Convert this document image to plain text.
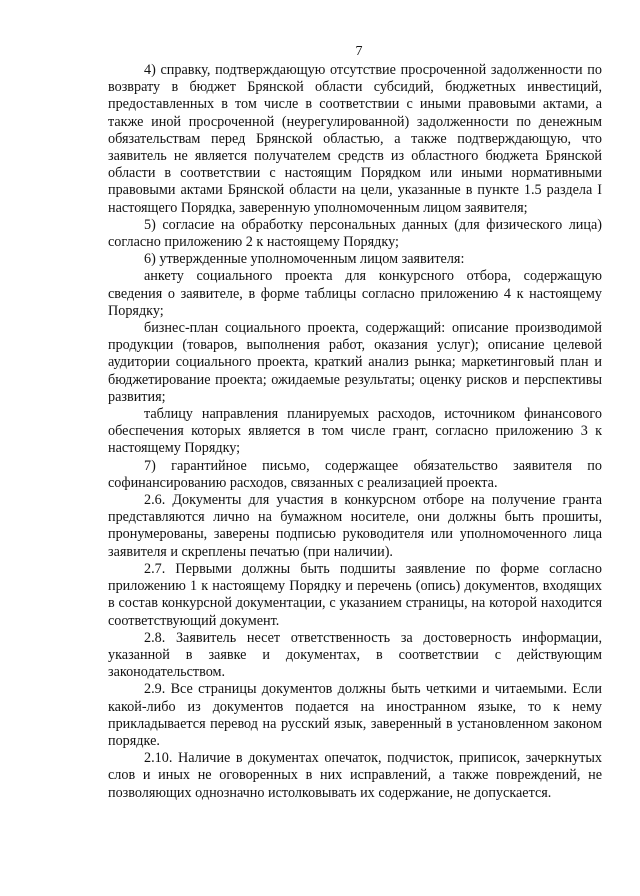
7

4) справку, подтверждающую отсутствие просроченной задолженности по возврату в бюджет Брянской области субсидий, бюджетных инвестиций, предоставленных в том числе в соответствии с иными правовыми актами, а также иной просроченной (неурегулированной) задолженности по денежным обязательствам перед Брянской областью, а также подтверждающую, что заявитель не является получателем средств из областного бюджета Брянской области в соответствии с настоящим Порядком или иными нормативными правовыми актами Брянской области на цели, указанные в пункте 1.5 раздела I настоящего Порядка, заверенную уполномоченным лицом заявителя;

5) согласие на обработку персональных данных (для физического лица) согласно приложению 2 к настоящему Порядку;

6) утвержденные уполномоченным лицом заявителя:

анкету социального проекта для конкурсного отбора, содержащую сведения о заявителе, в форме таблицы согласно приложению 4 к настоящему Порядку;

бизнес-план социального проекта, содержащий: описание производимой продукции (товаров, выполнения работ, оказания услуг); описание целевой аудитории социального проекта, краткий анализ рынка; маркетинговый план и бюджетирование проекта; ожидаемые результаты; оценку рисков и перспективы развития;

таблицу направления планируемых расходов, источником финансового обеспечения которых является в том числе грант, согласно приложению 3 к настоящему Порядку;

7) гарантийное письмо, содержащее обязательство заявителя по софинансированию расходов, связанных с реализацией проекта.

2.6. Документы для участия в конкурсном отборе на получение гранта представляются лично на бумажном носителе, они должны быть прошиты, пронумерованы, заверены подписью руководителя или уполномоченного лица заявителя и скреплены печатью (при наличии).

2.7. Первыми должны быть подшиты заявление по форме согласно приложению 1 к настоящему Порядку и перечень (опись) документов, входящих в состав конкурсной документации, с указанием страницы, на которой находится соответствующий документ.

2.8. Заявитель несет ответственность за достоверность информации, указанной в заявке и документах, в соответствии с действующим законодательством.

2.9. Все страницы документов должны быть четкими и читаемыми. Если какой-либо из документов подается на иностранном языке, то к нему прикладывается перевод на русский язык, заверенный в установленном законом порядке.

2.10. Наличие в документах опечаток, подчисток, приписок, зачеркнутых слов и иных не оговоренных в них исправлений, а также повреждений, не позволяющих однозначно истолковывать их содержание, не допускается.
